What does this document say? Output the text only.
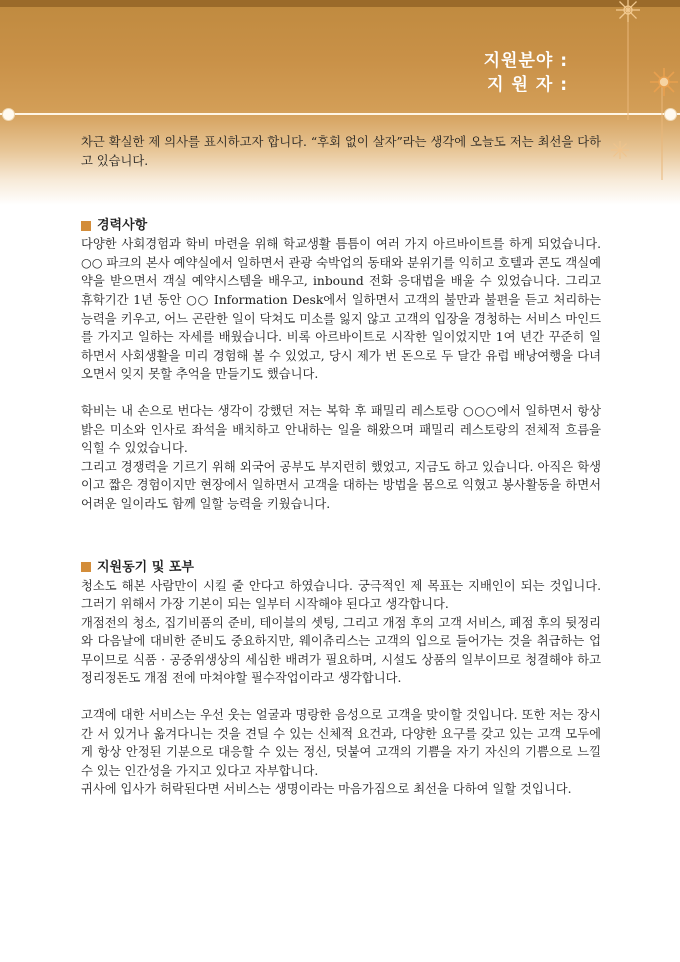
지원분야 :
지 원 자 :

차근 확실한 제 의사를 표시하고자 합니다. “후회 없이 살자”라는 생각에 오늘도 저는 최선을 다하고 있습니다.

경력사항

다양한 사회경험과 학비 마련을 위해 학교생활 틈틈이 여러 가지 아르바이트를 하게 되었습니다. ○○ 파크의 본사 예약실에서 일하면서 관광 숙박업의 동태와 분위기를 익히고 호텔과 콘도 객실예약을 받으면서 객실 예약시스템을 배우고, inbound 전화 응대법을 배울 수 있었습니다. 그리고 휴학기간 1년 동안 ○○ Information Desk에서 일하면서 고객의 불만과 불편을 듣고 처리하는 능력을 키우고, 어느 곤란한 일이 닥쳐도 미소를 잃지 않고 고객의 입장을 경청하는 서비스 마인드를 가지고 일하는 자세를 배웠습니다. 비록 아르바이트로 시작한 일이었지만 1여 년간 꾸준히 일하면서 사회생활을 미리 경험해 볼 수 있었고, 당시 제가 번 돈으로 두 달간 유럽 배낭여행을 다녀오면서 잊지 못할 추억을 만들기도 했습니다.

학비는 내 손으로 번다는 생각이 강했던 저는 복학 후 패밀리 레스토랑 ○○○에서 일하면서 항상 밝은 미소와 인사로 좌석을 배치하고 안내하는 일을 해왔으며 패밀리 레스토랑의 전체적 흐름을 익힐 수 있었습니다.

그리고 경쟁력을 기르기 위해 외국어 공부도 부지런히 했었고, 지금도 하고 있습니다. 아직은 학생이고 짧은 경험이지만 현장에서 일하면서 고객을 대하는 방법을 몸으로 익혔고 봉사활동을 하면서 어려운 일이라도 함께 일할 능력을 키웠습니다.

지원동기 및 포부

청소도 해본 사람만이 시킬 줄 안다고 하였습니다. 궁극적인 제 목표는 지배인이 되는 것입니다. 그러기 위해서 가장 기본이 되는 일부터 시작해야 된다고 생각합니다.

개점전의 청소, 집기비품의 준비, 테이블의 셋팅, 그리고 개점 후의 고객 서비스, 폐점 후의 뒷정리와 다음날에 대비한 준비도 중요하지만, 웨이츄리스는 고객의 입으로 들어가는 것을 취급하는 업무이므로 식품 · 공중위생상의 세심한 배려가 필요하며, 시설도 상품의 일부이므로 청결해야 하고 정리정돈도 개점 전에 마쳐야할 필수작업이라고 생각합니다.

고객에 대한 서비스는 우선 웃는 얼굴과 명랑한 음성으로 고객을 맞이할 것입니다. 또한 저는 장시간 서 있거나 옮겨다니는 것을 견딜 수 있는 신체적 요건과, 다양한 요구를 갖고 있는 고객 모두에게 항상 안정된 기분으로 대응할 수 있는 정신, 덧붙여 고객의 기쁨을 자기 자신의 기쁨으로 느낄 수 있는 인간성을 가지고 있다고 자부합니다.

귀사에 입사가 허락된다면 서비스는 생명이라는 마음가짐으로 최선을 다하여 일할 것입니다.
